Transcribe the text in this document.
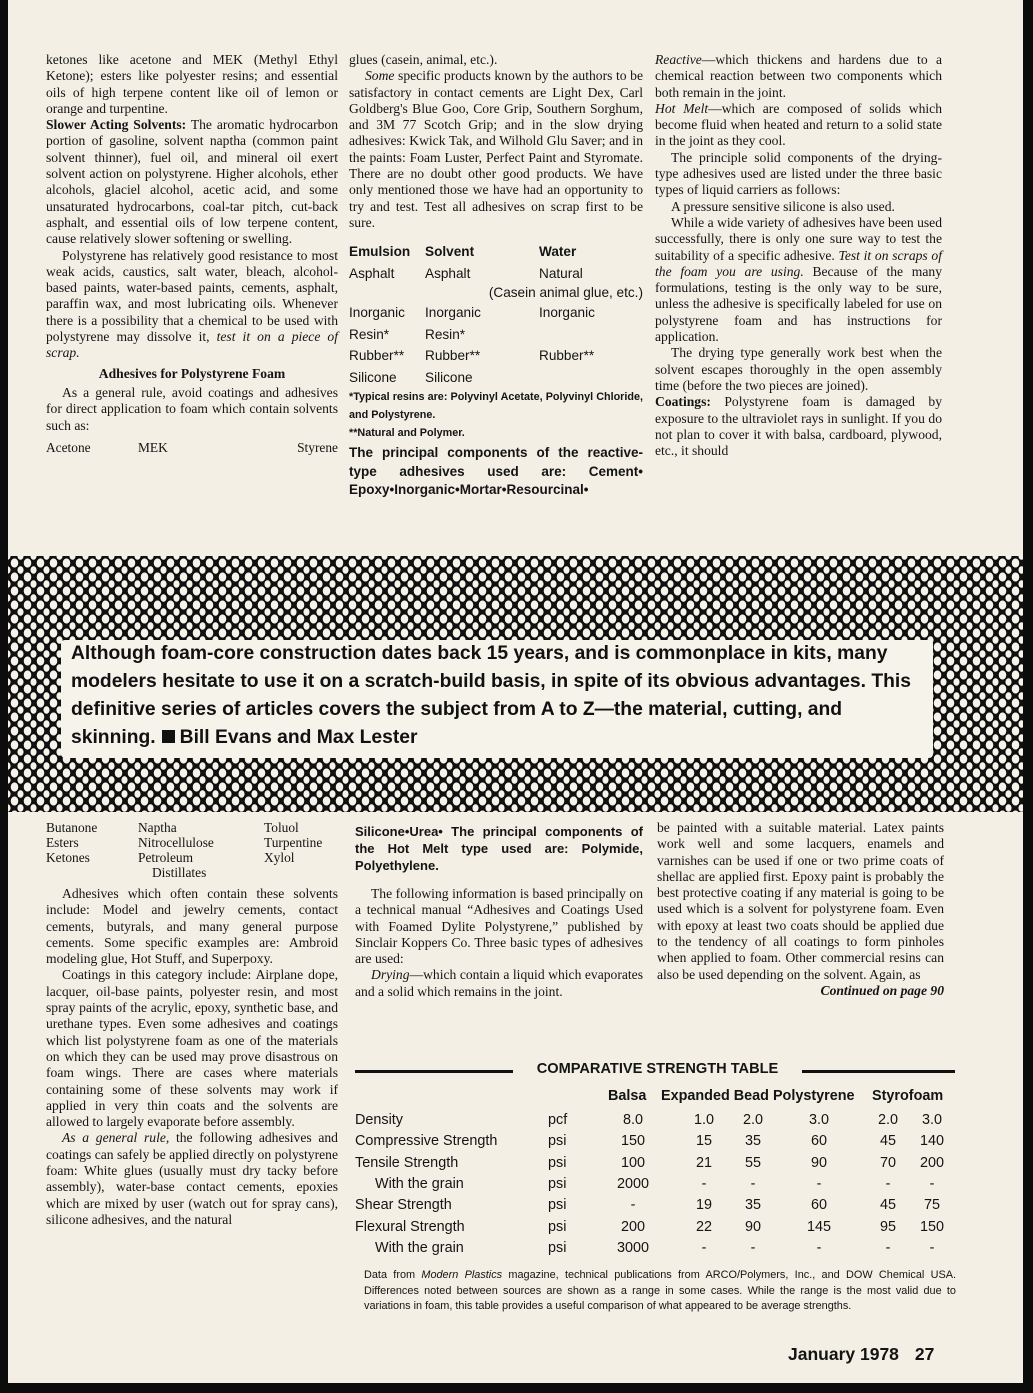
ketones like acetone and MEK (Methyl Ethyl Ketone); esters like polyester resins; and essential oils of high terpene content like oil of lemon or orange and turpentine.

Slower Acting Solvents: The aromatic hydrocarbon portion of gasoline, solvent naptha (common paint solvent thinner), fuel oil, and mineral oil exert solvent action on polystyrene. Higher alcohols, ether alcohols, glaciel alcohol, acetic acid, and some unsaturated hydrocarbons, coal-tar pitch, cut-back asphalt, and essential oils of low terpene content, cause relatively slower softening or swelling.

Polystyrene has relatively good resistance to most weak acids, caustics, salt water, bleach, alcohol-based paints, water-based paints, cements, asphalt, paraffin wax, and most lubricating oils. Whenever there is a possibility that a chemical to be used with polystyrene may dissolve it, test it on a piece of scrap.

Adhesives for Polystyrene Foam

As a general rule, avoid coatings and adhesives for direct application to foam which contain solvents such as:

Acetone	MEK	Styrene

glues (casein, animal, etc.).

Some specific products known by the authors to be satisfactory in contact cements are Light Dex, Carl Goldberg's Blue Goo, Core Grip, Southern Sorghum, and 3M 77 Scotch Grip; and in the slow drying adhesives: Kwick Tak, and Wilhold Glu Saver; and in the paints: Foam Luster, Perfect Paint and Styromate. There are no doubt other good products. We have only mentioned those we have had an opportunity to try and test. Test all adhesives on scrap first to be sure.

Emulsion	Solvent	Water
Asphalt	Asphalt	Natural
(Casein animal glue, etc.)
Inorganic	Inorganic	Inorganic
Resin*	Resin*
Rubber**	Rubber**	Rubber**
Silicone	Silicone
*Typical resins are: Polyvinyl Acetate, Polyvinyl Chloride, and Polystyrene.
**Natural and Polymer.
The principal components of the reactive-type adhesives used are: Cement• Epoxy•Inorganic•Mortar•Resourcinal•

Reactive—which thickens and hardens due to a chemical reaction between two components which both remain in the joint.

Hot Melt—which are composed of solids which become fluid when heated and return to a solid state in the joint as they cool.

The principle solid components of the drying-type adhesives used are listed under the three basic types of liquid carriers as follows:

A pressure sensitive silicone is also used.

While a wide variety of adhesives have been used successfully, there is only one sure way to test the suitability of a specific adhesive. Test it on scraps of the foam you are using. Because of the many formulations, testing is the only way to be sure, unless the adhesive is specifically labeled for use on polystyrene foam and has instructions for application.

The drying type generally work best when the solvent escapes thoroughly in the open assembly time (before the two pieces are joined).

Coatings: Polystyrene foam is damaged by exposure to the ultraviolet rays in sunlight. If you do not plan to cover it with balsa, cardboard, plywood, etc., it should

Although foam-core construction dates back 15 years, and is commonplace in kits, many modelers hesitate to use it on a scratch-build basis, in spite of its obvious advantages. This definitive series of articles covers the subject from A to Z—the material, cutting, and skinning. Bill Evans and Max Lester
Butanone	Naptha	Toluol
Esters	Nitrocellulose	Turpentine
Ketones	Petroleum	Xylol
Distillates

Adhesives which often contain these solvents include: Model and jewelry cements, contact cements, butyrals, and many general purpose cements. Some specific examples are: Ambroid modeling glue, Hot Stuff, and Superpoxy.

Coatings in this category include: Airplane dope, lacquer, oil-base paints, polyester resin, and most spray paints of the acrylic, epoxy, synthetic base, and urethane types. Even some adhesives and coatings which list polystyrene foam as one of the materials on which they can be used may prove disastrous on foam wings. There are cases where materials containing some of these solvents may work if applied in very thin coats and the solvents are allowed to largely evaporate before assembly.

As a general rule, the following adhesives and coatings can safely be applied directly on polystyrene foam: White glues (usually must dry tacky before assembly), water-base contact cements, epoxies which are mixed by user (watch out for spray cans), silicone adhesives, and the natural

Silicone•Urea• The principal components of the Hot Melt type used are: Polymide, Polyethylene.

The following information is based principally on a technical manual “Adhesives and Coatings Used with Foamed Dylite Polystyrene,” published by Sinclair Koppers Co. Three basic types of adhesives are used:

Drying—which contain a liquid which evaporates and a solid which remains in the joint.

be painted with a suitable material. Latex paints work well and some lacquers, enamels and varnishes can be used if one or two prime coats of shellac are applied first. Epoxy paint is probably the best protective coating if any material is going to be used which is a solvent for polystyrene foam. Even with epoxy at least two coats should be applied due to the tendency of all coatings to form pinholes when applied to foam. Other commercial resins can also be used depending on the solvent. Again, as

Continued on page 90

COMPARATIVE STRENGTH TABLE
Balsa Expanded Bead Polystyrene Styrofoam
Density	pcf	8.0	1.0 2.0	3.0	2.0 3.0
Compressive Strength	psi	150	15 35	60	45 140
Tensile Strength	psi	100	21 55	90	70 200
With the grain	psi	2000	-	-	-	-	-
Shear Strength	psi	-	19 35	60	45 75
Flexural Strength	psi	200	22 90	145	95 150
With the grain	psi	3000	-	-	-	-	-
Data from Modern Plastics magazine, technical publications from ARCO/Polymers, Inc., and DOW Chemical USA. Differences noted between sources are shown as a range in some cases. While the range is the most valid due to variations in foam, this table provides a useful comparison of what appeared to be average strengths.
January 1978 27
